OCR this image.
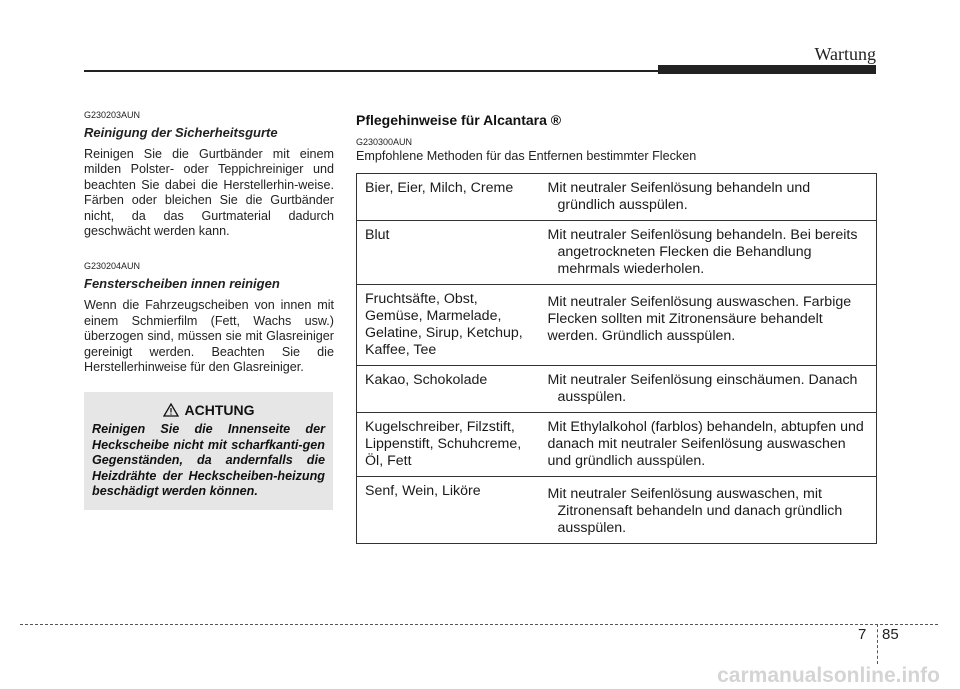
Wartung

G230203AUN

Reinigung der Sicherheitsgurte

Reinigen Sie die Gurtbänder mit einem milden Polster- oder Teppichreiniger und beachten Sie dabei die Herstellerhin-weise. Färben oder bleichen Sie die Gurtbänder nicht, da das Gurtmaterial dadurch geschwächt werden kann.

G230204AUN

Fensterscheiben innen reinigen

Wenn die Fahrzeugscheiben von innen mit einem Schmierfilm (Fett, Wachs usw.) überzogen sind, müssen sie mit Glasreiniger gereinigt werden. Beachten Sie die Herstellerhinweise für den Glasreiniger.

ACHTUNG

Reinigen Sie die Innenseite der Heckscheibe nicht mit scharfkanti-gen Gegenständen, da andernfalls die Heizdrähte der Heckscheiben-heizung beschädigt werden können.

Pflegehinweise für Alcantara ®

G230300AUN

Empfohlene Methoden für das Entfernen bestimmter Flecken

Bier, Eier, Milch, Creme	Mit neutraler Seifenlösung behandeln und gründlich ausspülen.

Blut	Mit neutraler Seifenlösung behandeln. Bei bereits angetrockneten Flecken die Behandlung mehrmals wiederholen.

Fruchtsäfte, Obst, Gemüse, Marmelade, Gelatine, Sirup, Ketchup, Kaffee, Tee	Mit neutraler Seifenlösung auswaschen. Farbige Flecken sollten mit Zitronensäure behandelt werden. Gründlich ausspülen.
Kakao, Schokolade	Mit neutraler Seifenlösung einschäumen. Danach ausspülen.

Kugelschreiber, Filzstift, Lippenstift, Schuhcreme, Öl, Fett	Mit Ethylalkohol (farblos) behandeln, abtupfen und danach mit neutraler Seifenlösung auswaschen und gründlich ausspülen.
Senf, Wein, Liköre	Mit neutraler Seifenlösung auswaschen, mit Zitronensaft behandeln und danach gründlich ausspülen.
7 85
carmanualsonline.info
